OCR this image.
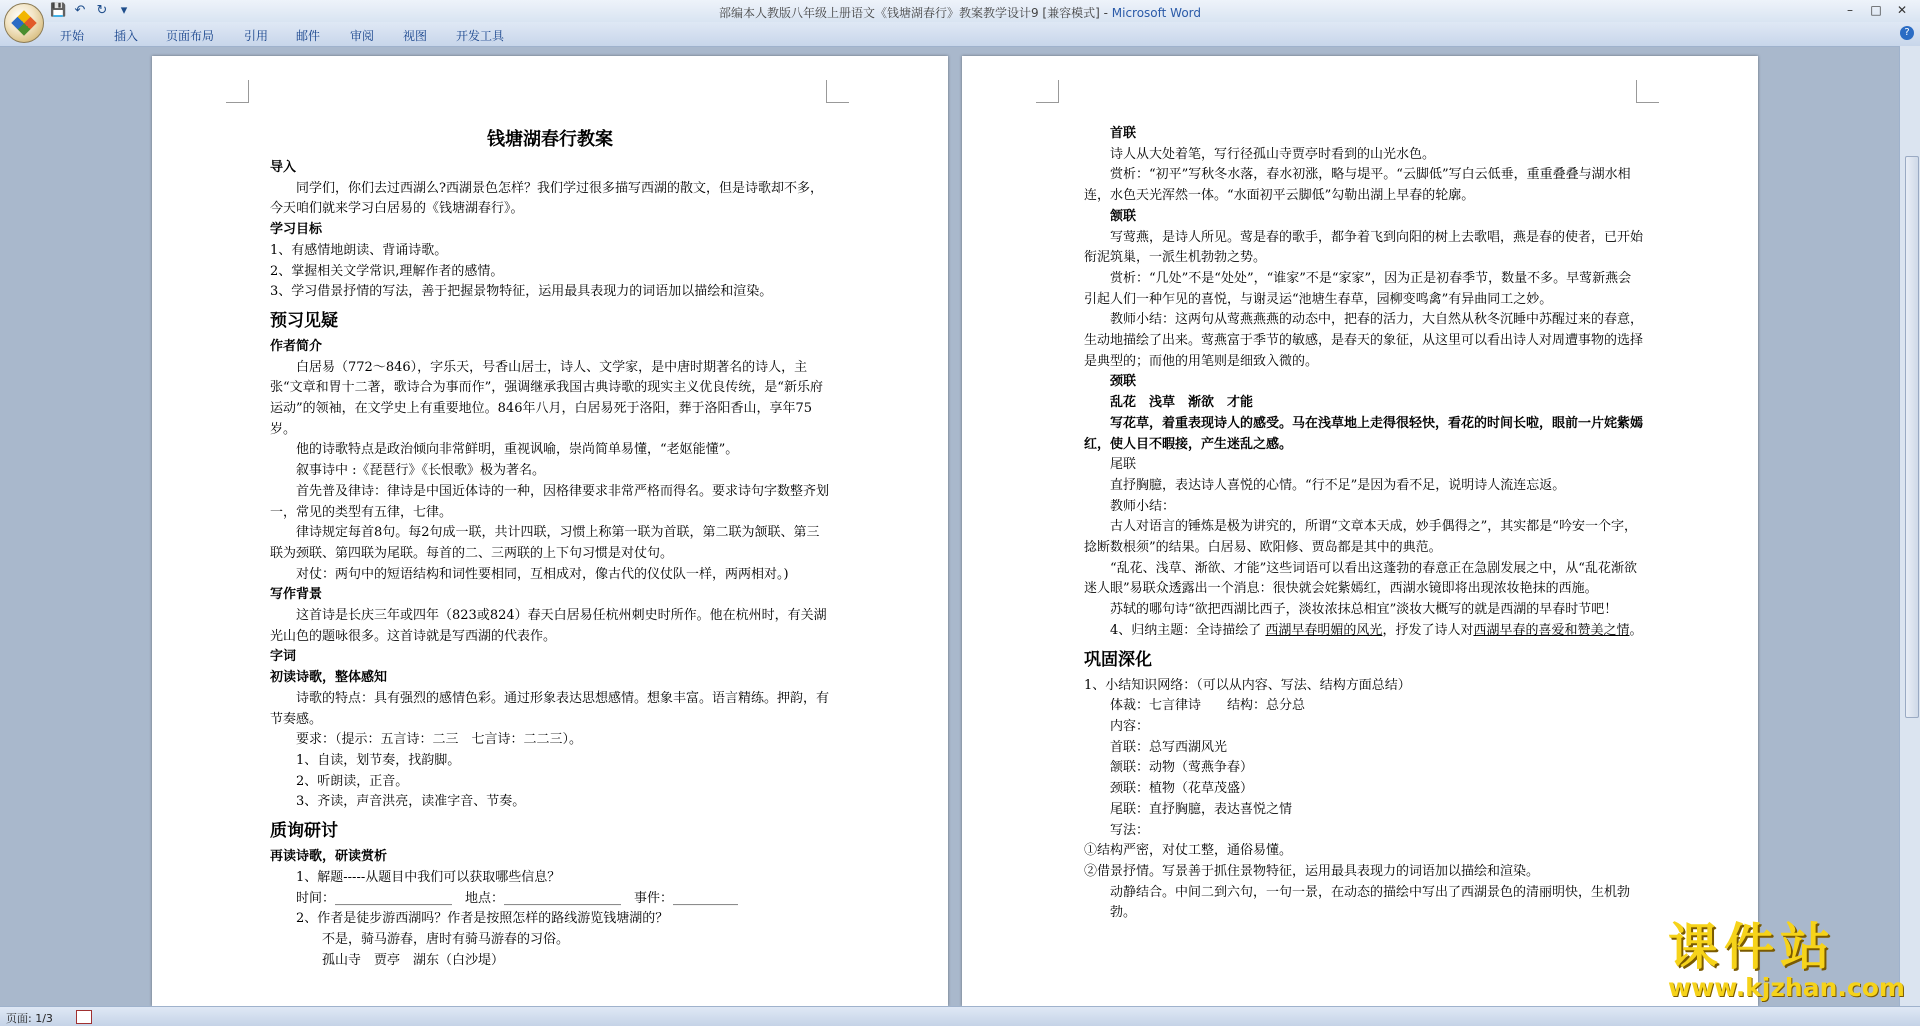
💾 ↶ ↻	▾	部编本人教版八年级上册语文《钱塘湖春行》教案教学设计9 [兼容模式] - Microsoft Word	–	□	✕
开始 插入 页面布局 引用 邮件 审阅 视图 开发工具	?

钱塘湖春行教案

导入

同学们，你们去过西湖么?西湖景色怎样？我们学过很多描写西湖的散文，但是诗歌却不多，今天咱们就来学习白居易的《钱塘湖春行》。

学习目标

1、有感情地朗读、背诵诗歌。

2、掌握相关文学常识,理解作者的感情。

3、学习借景抒情的写法，善于把握景物特征，运用最具表现力的词语加以描绘和渲染。

预习见疑

作者简介

白居易（772～846），字乐天，号香山居士，诗人、文学家，是中唐时期著名的诗人，主张“文章和胃十二著，歌诗合为事而作”，强调继承我国古典诗歌的现实主义优良传统，是“新乐府运动”的领袖，在文学史上有重要地位。846年八月，白居易死于洛阳，葬于洛阳香山，享年75岁。

他的诗歌特点是政治倾向非常鲜明，重视讽喻，崇尚简单易懂，“老妪能懂”。

叙事诗中 :《琵琶行》《长恨歌》极为著名。

首先普及律诗：律诗是中国近体诗的一种，因格律要求非常严格而得名。要求诗句字数整齐划一，常见的类型有五律，七律。

律诗规定每首8句。每2句成一联，共计四联，习惯上称第一联为首联，第二联为颔联、第三联为颈联、第四联为尾联。每首的二、三两联的上下句习惯是对仗句。

对仗：两句中的短语结构和词性要相同，互相成对，像古代的仪仗队一样，两两相对。)

写作背景

这首诗是长庆三年或四年（823或824）春天白居易任杭州刺史时所作。他在杭州时，有关湖光山色的题咏很多。这首诗就是写西湖的代表作。

字词

初读诗歌，整体感知

诗歌的特点：具有强烈的感情色彩。通过形象表达思想感情。想象丰富。语言精练。押韵，有节奏感。

要求：（提示：五言诗：二三　七言诗：二二三）。

1、自读，划节奏，找韵脚。

2、听朗读，正音。

3、齐读，声音洪亮，读准字音、节奏。

质询研讨

再读诗歌，研读赏析

1、解题-----从题目中我们可以获取哪些信息？

时间：__________________　地点：__________________　事件：__________

2、作者是徒步游西湖吗？作者是按照怎样的路线游览钱塘湖的？

不是，骑马游春，唐时有骑马游春的习俗。

孤山寺　贾亭　湖东（白沙堤）

首联

诗人从大处着笔，写行径孤山寺贾亭时看到的山光水色。

赏析：“初平”写秋冬水落，春水初涨，略与堤平。“云脚低”写白云低垂，重重叠叠与湖水相连，水色天光浑然一体。“水面初平云脚低”勾勒出湖上早春的轮廓。

颔联

写莺燕，是诗人所见。莺是春的歌手，都争着飞到向阳的树上去歌唱，燕是春的使者，已开始衔泥筑巢，一派生机勃勃之势。

赏析：“几处”不是“处处”，“谁家”不是“家家”，因为正是初春季节，数量不多。早莺新燕会引起人们一种乍见的喜悦，与谢灵运“池塘生春草，园柳变鸣禽”有异曲同工之妙。

教师小结：这两句从莺燕燕燕的动态中，把春的活力，大自然从秋冬沉睡中苏醒过来的春意，生动地描绘了出来。莺燕富于季节的敏感，是春天的象征，从这里可以看出诗人对周遭事物的选择是典型的；而他的用笔则是细致入微的。

颈联

乱花　浅草　渐欲　才能

写花草，着重表现诗人的感受。马在浅草地上走得很轻快，看花的时间长啦，眼前一片姹紫嫣红，使人目不暇接，产生迷乱之感。

尾联

直抒胸臆，表达诗人喜悦的心情。“行不足”是因为看不足，说明诗人流连忘返。

教师小结：

古人对语言的锤炼是极为讲究的，所谓“文章本天成，妙手偶得之”，其实都是“吟安一个字，捻断数根须”的结果。白居易、欧阳修、贾岛都是其中的典范。

“乱花、浅草、渐欲、才能”这些词语可以看出这蓬勃的春意正在急剧发展之中，从“乱花渐欲迷人眼”易联众透露出一个消息：很快就会姹紫嫣红，西湖水镜即将出现浓妆艳抹的西施。

苏轼的哪句诗“欲把西湖比西子，淡妆浓抹总相宜”淡妆大概写的就是西湖的早春时节吧！

4、归纳主题：全诗描绘了 西湖早春明媚的风光，抒发了诗人对西湖早春的喜爱和赞美之情。

巩固深化

1、小结知识网络：（可以从内容、写法、结构方面总结）

体裁：七言律诗　　结构：总分总

内容：

首联：总写西湖风光

颔联：动物（莺燕争春）

颈联：植物（花草茂盛）

尾联：直抒胸臆，表达喜悦之情

写法：

①结构严密，对仗工整，通俗易懂。

②借景抒情。写景善于抓住景物特征，运用最具表现力的词语加以描绘和渲染。

动静结合。中间二到六句，一句一景，在动态的描绘中写出了西湖景色的清丽明快，生机勃勃。

课件站
www.kjzhan.com
页面: 1/3
